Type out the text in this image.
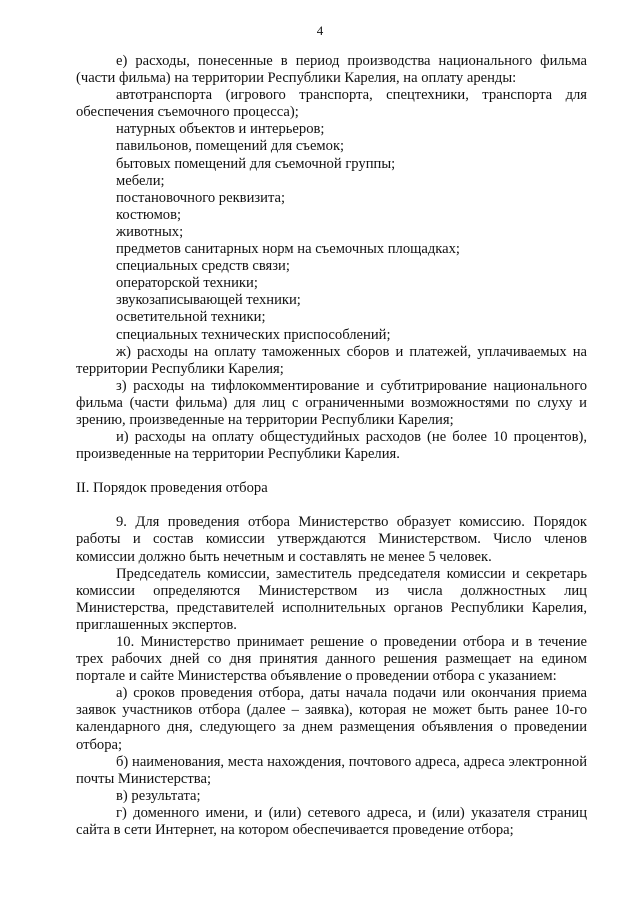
4

е) расходы, понесенные в период производства национального фильма (части фильма) на территории Республики Карелия, на оплату аренды:

автотранспорта (игрового транспорта, спецтехники, транспорта для обеспечения съемочного процесса);

натурных объектов и интерьеров;

павильонов, помещений для съемок;

бытовых помещений для съемочной группы;

мебели;

постановочного реквизита;

костюмов;

животных;

предметов санитарных норм на съемочных площадках;

специальных средств связи;

операторской техники;

звукозаписывающей техники;

осветительной техники;

специальных технических приспособлений;

ж) расходы на оплату таможенных сборов и платежей, уплачиваемых на территории Республики Карелия;

з) расходы на тифлокомментирование и субтитрирование национального фильма (части фильма) для лиц с ограниченными возможностями по слуху и зрению, произведенные на территории Республики Карелия;

и) расходы на оплату общестудийных расходов (не более 10 процентов), произведенные на территории Республики Карелия.

II. Порядок проведения отбора

9. Для проведения отбора Министерство образует комиссию. Порядок работы и состав комиссии утверждаются Министерством. Число членов комиссии должно быть нечетным и составлять не менее 5 человек.

Председатель комиссии, заместитель председателя комиссии и секретарь комиссии определяются Министерством из числа должностных лиц Министерства, представителей исполнительных органов Республики Карелия, приглашенных экспертов.

10. Министерство принимает решение о проведении отбора и в течение трех рабочих дней со дня принятия данного решения размещает на едином портале и сайте Министерства объявление о проведении отбора с указанием:

а) сроков проведения отбора, даты начала подачи или окончания приема заявок участников отбора (далее – заявка), которая не может быть ранее 10-го календарного дня, следующего за днем размещения объявления о проведении отбора;

б) наименования, места нахождения, почтового адреса, адреса электронной почты Министерства;

в) результата;

г) доменного имени, и (или) сетевого адреса, и (или) указателя страниц сайта в сети Интернет, на котором обеспечивается проведение отбора;
